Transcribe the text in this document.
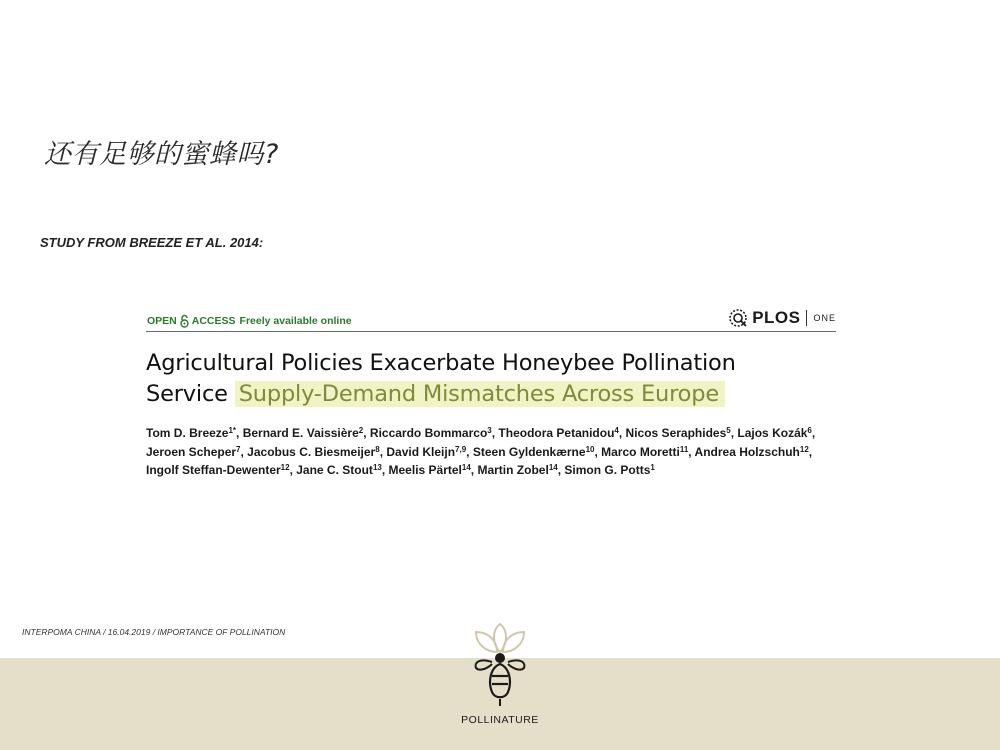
还有足够的蜜蜂吗?
STUDY FROM BREEZE ET AL. 2014:
OPEN ACCESS Freely available online	PLOS ONE
Agricultural Policies Exacerbate Honeybee Pollination
Service Supply-Demand Mismatches Across Europe
Tom D. Breeze$^{1*}$, Bernard E. Vaissière$^2$, Riccardo Bommarco$^3$, Theodora Petanidou$^4$, Nicos Seraphides$^5$, Lajos Kozák$^6$, Jeroen Scheper$^7$, Jacobus C. Biesmeijer$^8$, David Kleijn$^{7,9}$, Steen Gyldenkærne$^{10}$, Marco Moretti$^{11}$, Andrea Holzschuh$^{12}$, Ingolf Steffan-Dewenter$^{12}$, Jane C. Stout$^{13}$, Meelis Pärtel$^{14}$, Martin Zobel$^{14}$, Simon G. Potts$^1$
INTERPOMA CHINA / 16.04.2019 / IMPORTANCE OF POLLINATION
POLLINATURE
